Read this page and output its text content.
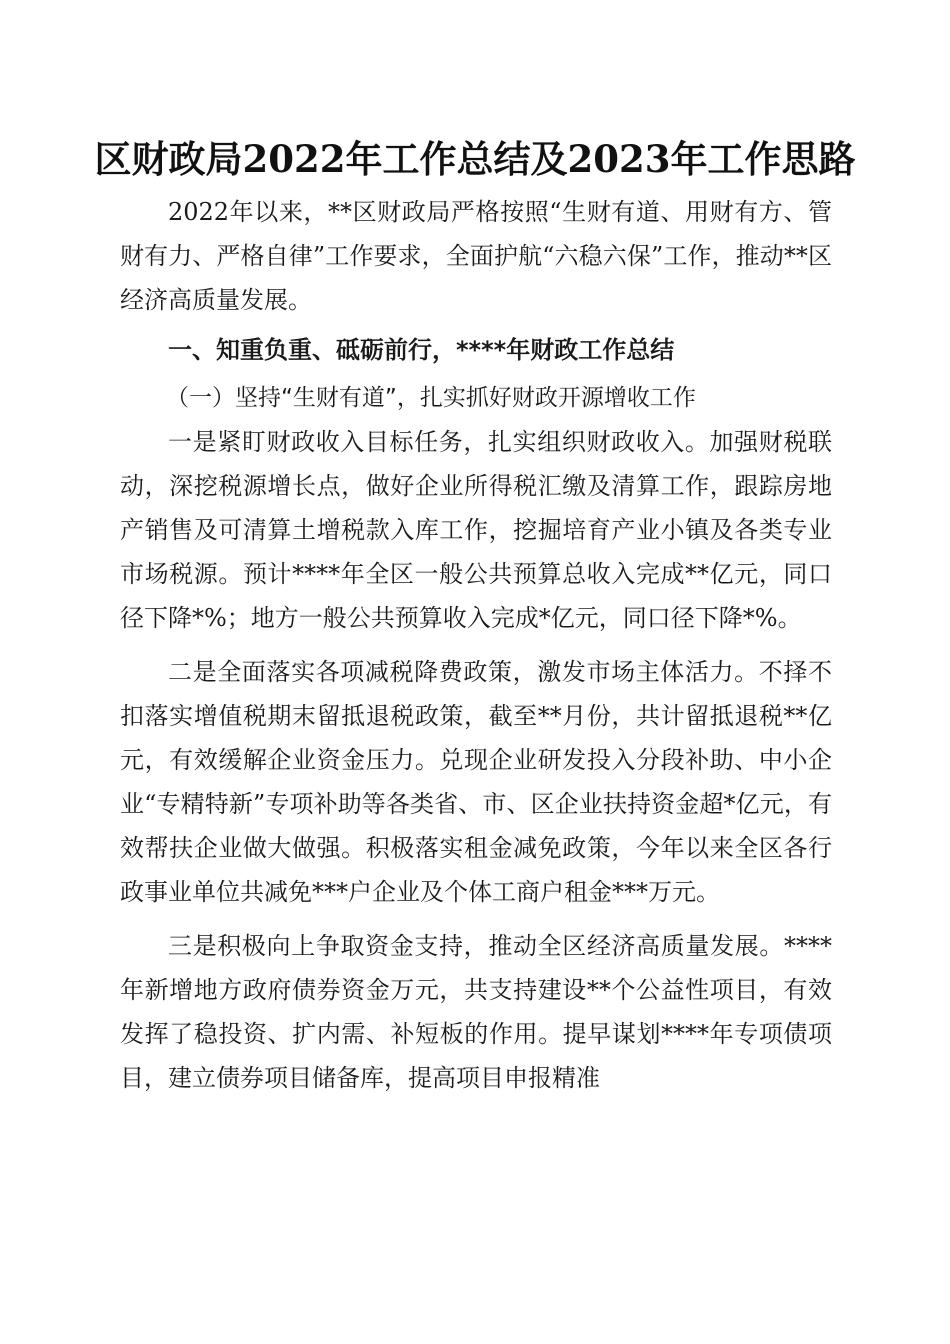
区财政局2022年工作总结及2023年工作思路

2022年以来，**区财政局严格按照“生财有道、用财有方、管财有力、严格自律”工作要求，全面护航“六稳六保”工作，推动**区经济高质量发展。

一、知重负重、砥砺前行，****年财政工作总结

（一）坚持“生财有道”，扎实抓好财政开源增收工作

一是紧盯财政收入目标任务，扎实组织财政收入。加强财税联动，深挖税源增长点，做好企业所得税汇缴及清算工作，跟踪房地产销售及可清算土增税款入库工作，挖掘培育产业小镇及各类专业市场税源。预计****年全区一般公共预算总收入完成**亿元，同口径下降*%；地方一般公共预算收入完成*亿元，同口径下降*%。

二是全面落实各项减税降费政策，激发市场主体活力。不择不扣落实增值税期末留抵退税政策，截至**月份，共计留抵退税**亿元，有效缓解企业资金压力。兑现企业研发投入分段补助、中小企业“专精特新”专项补助等各类省、市、区企业扶持资金超*亿元，有效帮扶企业做大做强。积极落实租金减免政策，今年以来全区各行政事业单位共减免***户企业及个体工商户租金***万元。

三是积极向上争取资金支持，推动全区经济高质量发展。****年新增地方政府债券资金万元，共支持建设**个公益性项目，有效发挥了稳投资、扩内需、补短板的作用。提早谋划****年专项债项目，建立债券项目储备库，提高项目申报精准
